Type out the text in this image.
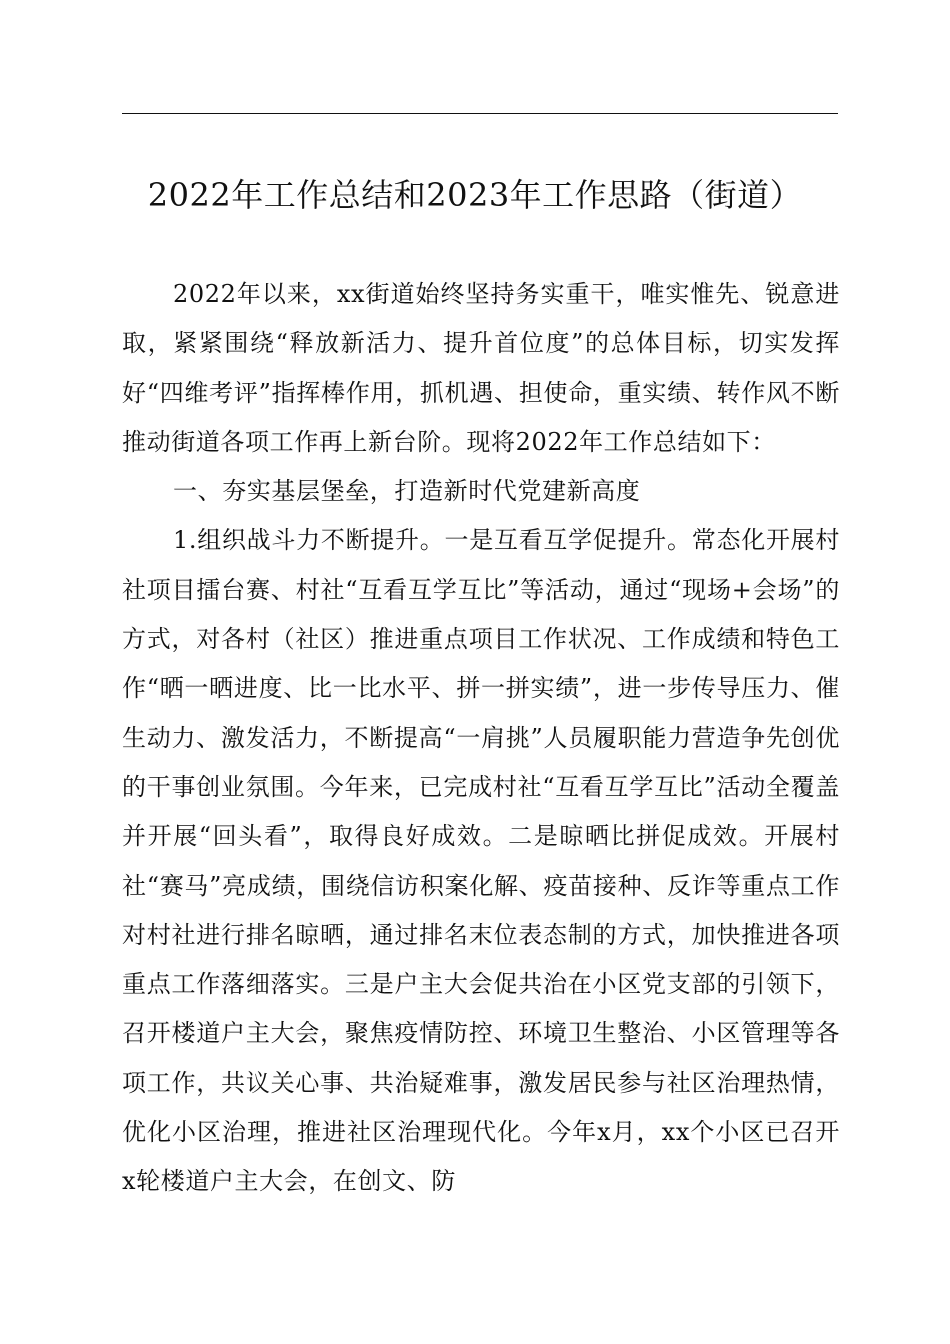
2022年工作总结和2023年工作思路（街道）

2022年以来，xx街道始终坚持务实重干，唯实惟先、锐意进取，紧紧围绕“释放新活力、提升首位度”的总体目标，切实发挥好“四维考评”指挥棒作用，抓机遇、担使命，重实绩、转作风不断推动街道各项工作再上新台阶。现将2022年工作总结如下：

一、夯实基层堡垒，打造新时代党建新高度

1.组织战斗力不断提升。一是互看互学促提升。常态化开展村社项目擂台赛、村社“互看互学互比”等活动，通过“现场+会场”的方式，对各村（社区）推进重点项目工作状况、工作成绩和特色工作“晒一晒进度、比一比水平、拼一拼实绩”，进一步传导压力、催生动力、激发活力，不断提高“一肩挑”人员履职能力营造争先创优的干事创业氛围。今年来，已完成村社“互看互学互比”活动全覆盖并开展“回头看”，取得良好成效。二是晾晒比拼促成效。开展村社“赛马”亮成绩，围绕信访积案化解、疫苗接种、反诈等重点工作对村社进行排名晾晒，通过排名末位表态制的方式，加快推进各项重点工作落细落实。三是户主大会促共治在小区党支部的引领下，召开楼道户主大会，聚焦疫情防控、环境卫生整治、小区管理等各项工作，共议关心事、共治疑难事，激发居民参与社区治理热情，优化小区治理，推进社区治理现代化。今年x月，xx个小区已召开x轮楼道户主大会，在创文、防
